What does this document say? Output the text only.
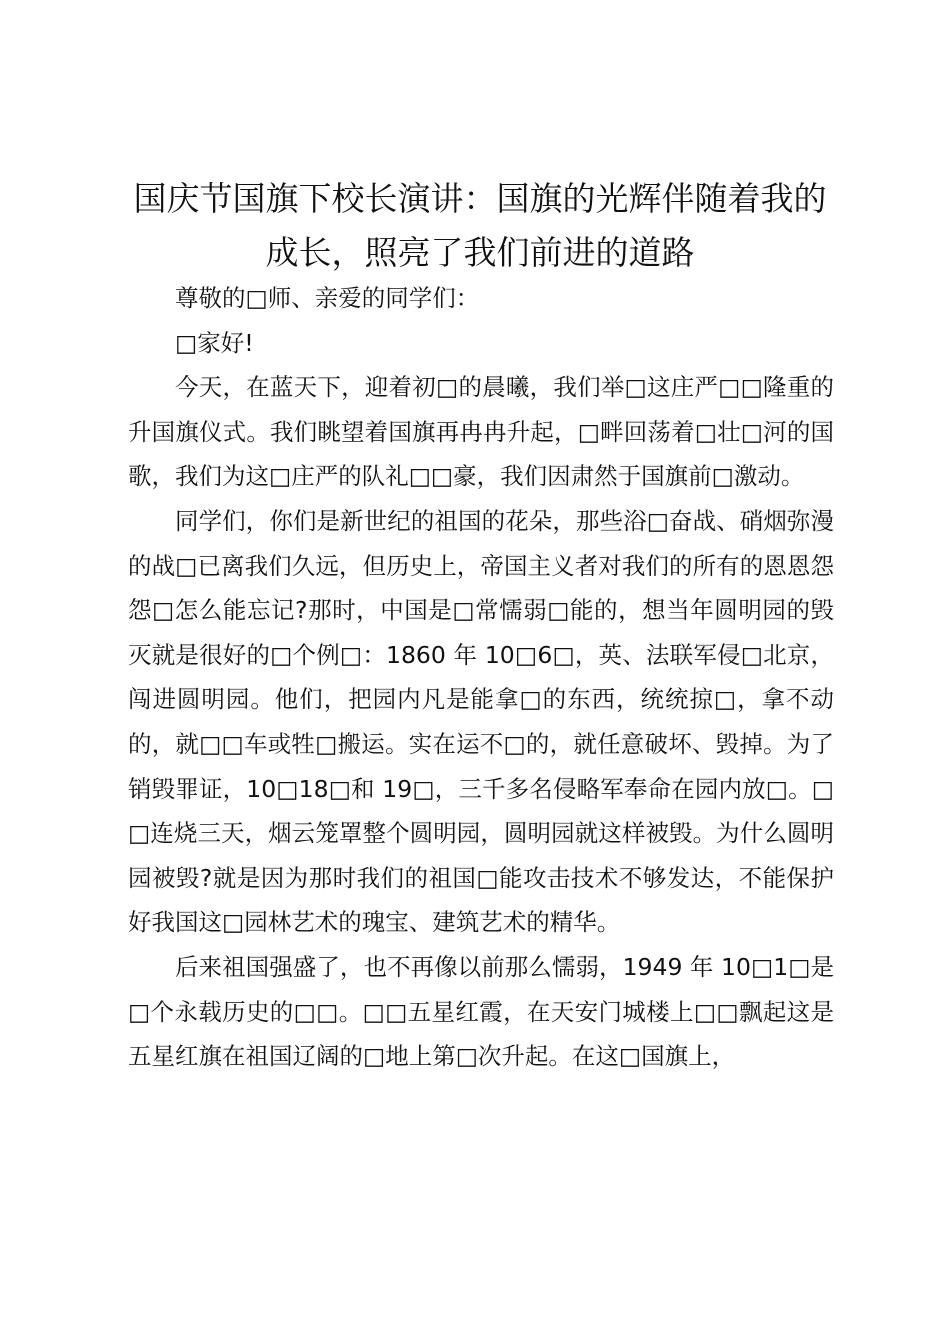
国庆节国旗下校长演讲：国旗的光辉伴随着我的成长，照亮了我们前进的道路

尊敬的□师、亲爱的同学们：

□家好!

今天，在蓝天下，迎着初□的晨曦，我们举□这庄严□□隆重的升国旗仪式。我们眺望着国旗再冉冉升起，□畔回荡着□壮□河的国歌，我们为这□庄严的队礼□□豪，我们因肃然于国旗前□激动。

同学们，你们是新世纪的祖国的花朵，那些浴□奋战、硝烟弥漫的战□已离我们久远，但历史上，帝国主义者对我们的所有的恩恩怨怨□怎么能忘记?那时，中国是□常懦弱□能的，想当年圆明园的毁灭就是很好的□个例□：1860 年 10□6□，英、法联军侵□北京，闯进圆明园。他们，把园内凡是能拿□的东西，统统掠□，拿不动的，就□□车或牲□搬运。实在运不□的，就任意破坏、毁掉。为了销毁罪证，10□18□和 19□，三千多名侵略军奉命在园内放□。□□连烧三天，烟云笼罩整个圆明园，圆明园就这样被毁。为什么圆明园被毁?就是因为那时我们的祖国□能攻击技术不够发达，不能保护好我国这□园林艺术的瑰宝、建筑艺术的精华。

后来祖国强盛了，也不再像以前那么懦弱，1949 年 10□1□是□个永载历史的□□。□□五星红霞，在天安门城楼上□□飘起这是五星红旗在祖国辽阔的□地上第□次升起。在这□国旗上，
